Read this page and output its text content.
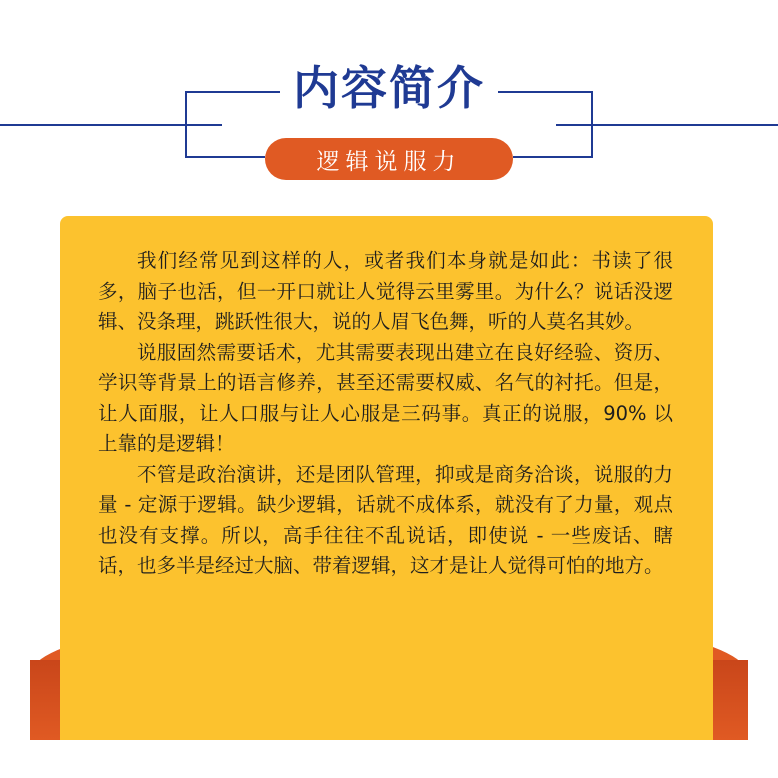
内容简介
逻辑说服力

我们经常见到这样的人，或者我们本身就是如此：书读了很多，脑子也活，但一开口就让人觉得云里雾里。为什么？说话没逻辑、没条理，跳跃性很大，说的人眉飞色舞，听的人莫名其妙。

说服固然需要话术，尤其需要表现出建立在良好经验、资历、学识等背景上的语言修养，甚至还需要权威、名气的衬托。但是，让人面服，让人口服与让人心服是三码事。真正的说服，90% 以上靠的是逻辑！

不管是政治演讲，还是团队管理，抑或是商务洽谈，说服的力量 - 定源于逻辑。缺少逻辑，话就不成体系，就没有了力量，观点也没有支撑。所以，高手往往不乱说话，即使说 - 一些废话、瞎话，也多半是经过大脑、带着逻辑，这才是让人觉得可怕的地方。
